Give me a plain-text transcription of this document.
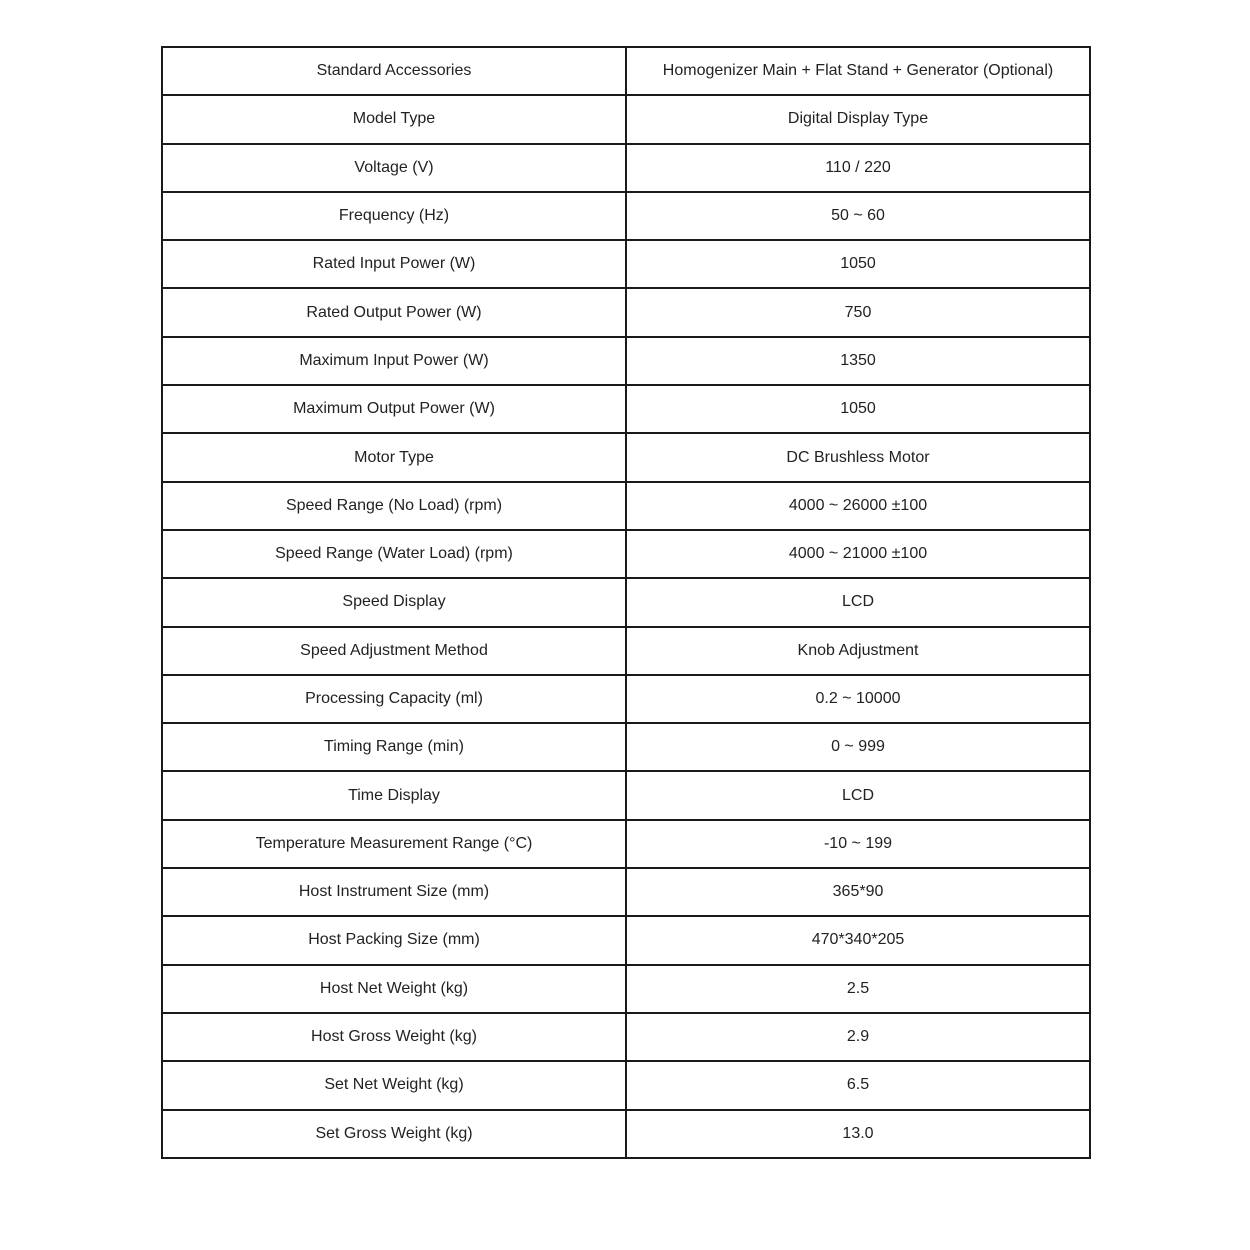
Standard Accessories	Homogenizer Main + Flat Stand + Generator (Optional)
Model Type	Digital Display Type
Voltage (V)	110 / 220
Frequency (Hz)	50 ~ 60
Rated Input Power (W)	1050
Rated Output Power (W)	750
Maximum Input Power (W)	1350
Maximum Output Power (W)	1050
Motor Type	DC Brushless Motor
Speed Range (No Load) (rpm)	4000 ~ 26000 ±100
Speed Range (Water Load) (rpm)	4000 ~ 21000 ±100
Speed Display	LCD
Speed Adjustment Method	Knob Adjustment
Processing Capacity (ml)	0.2 ~ 10000
Timing Range (min)	0 ~ 999
Time Display	LCD
Temperature Measurement Range (°C)	-10 ~ 199
Host Instrument Size (mm)	365*90
Host Packing Size (mm)	470*340*205
Host Net Weight (kg)	2.5
Host Gross Weight (kg)	2.9
Set Net Weight (kg)	6.5
Set Gross Weight (kg)	13.0
